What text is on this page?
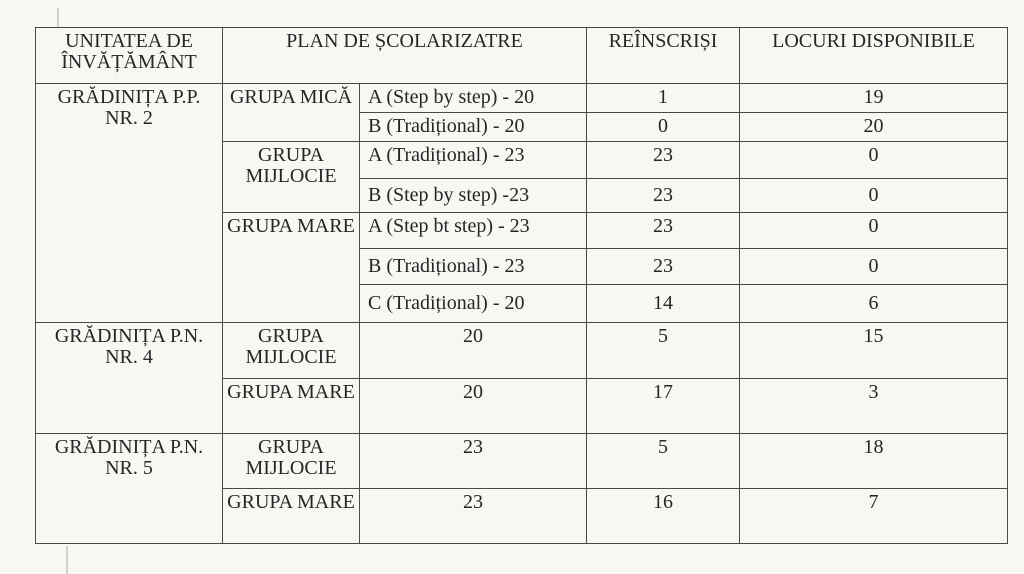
UNITATEA DE ÎNVĂȚĂMÂNT	PLAN DE ȘCOLARIZATRE		REÎNSCRIȘI	LOCURI DISPONIBILE
GRĂDINIȚA P.P. NR. 2	GRUPA MICĂ	A (Step by step) - 20	1	19
		B (Tradițional) - 20	0	20
	GRUPA MIJLOCIE	A (Tradițional) - 23	23	0
		B (Step by step) -23	23	0
	GRUPA MARE	A (Step bt step) - 23	23	0
		B (Tradițional) - 23	23	0
		C (Tradițional) - 20	14	6
GRĂDINIȚA P.N. NR. 4	GRUPA MIJLOCIE	20	5	15
	GRUPA MARE	20	17	3
GRĂDINIȚA P.N. NR. 5	GRUPA MIJLOCIE	23	5	18
	GRUPA MARE	23	16	7
